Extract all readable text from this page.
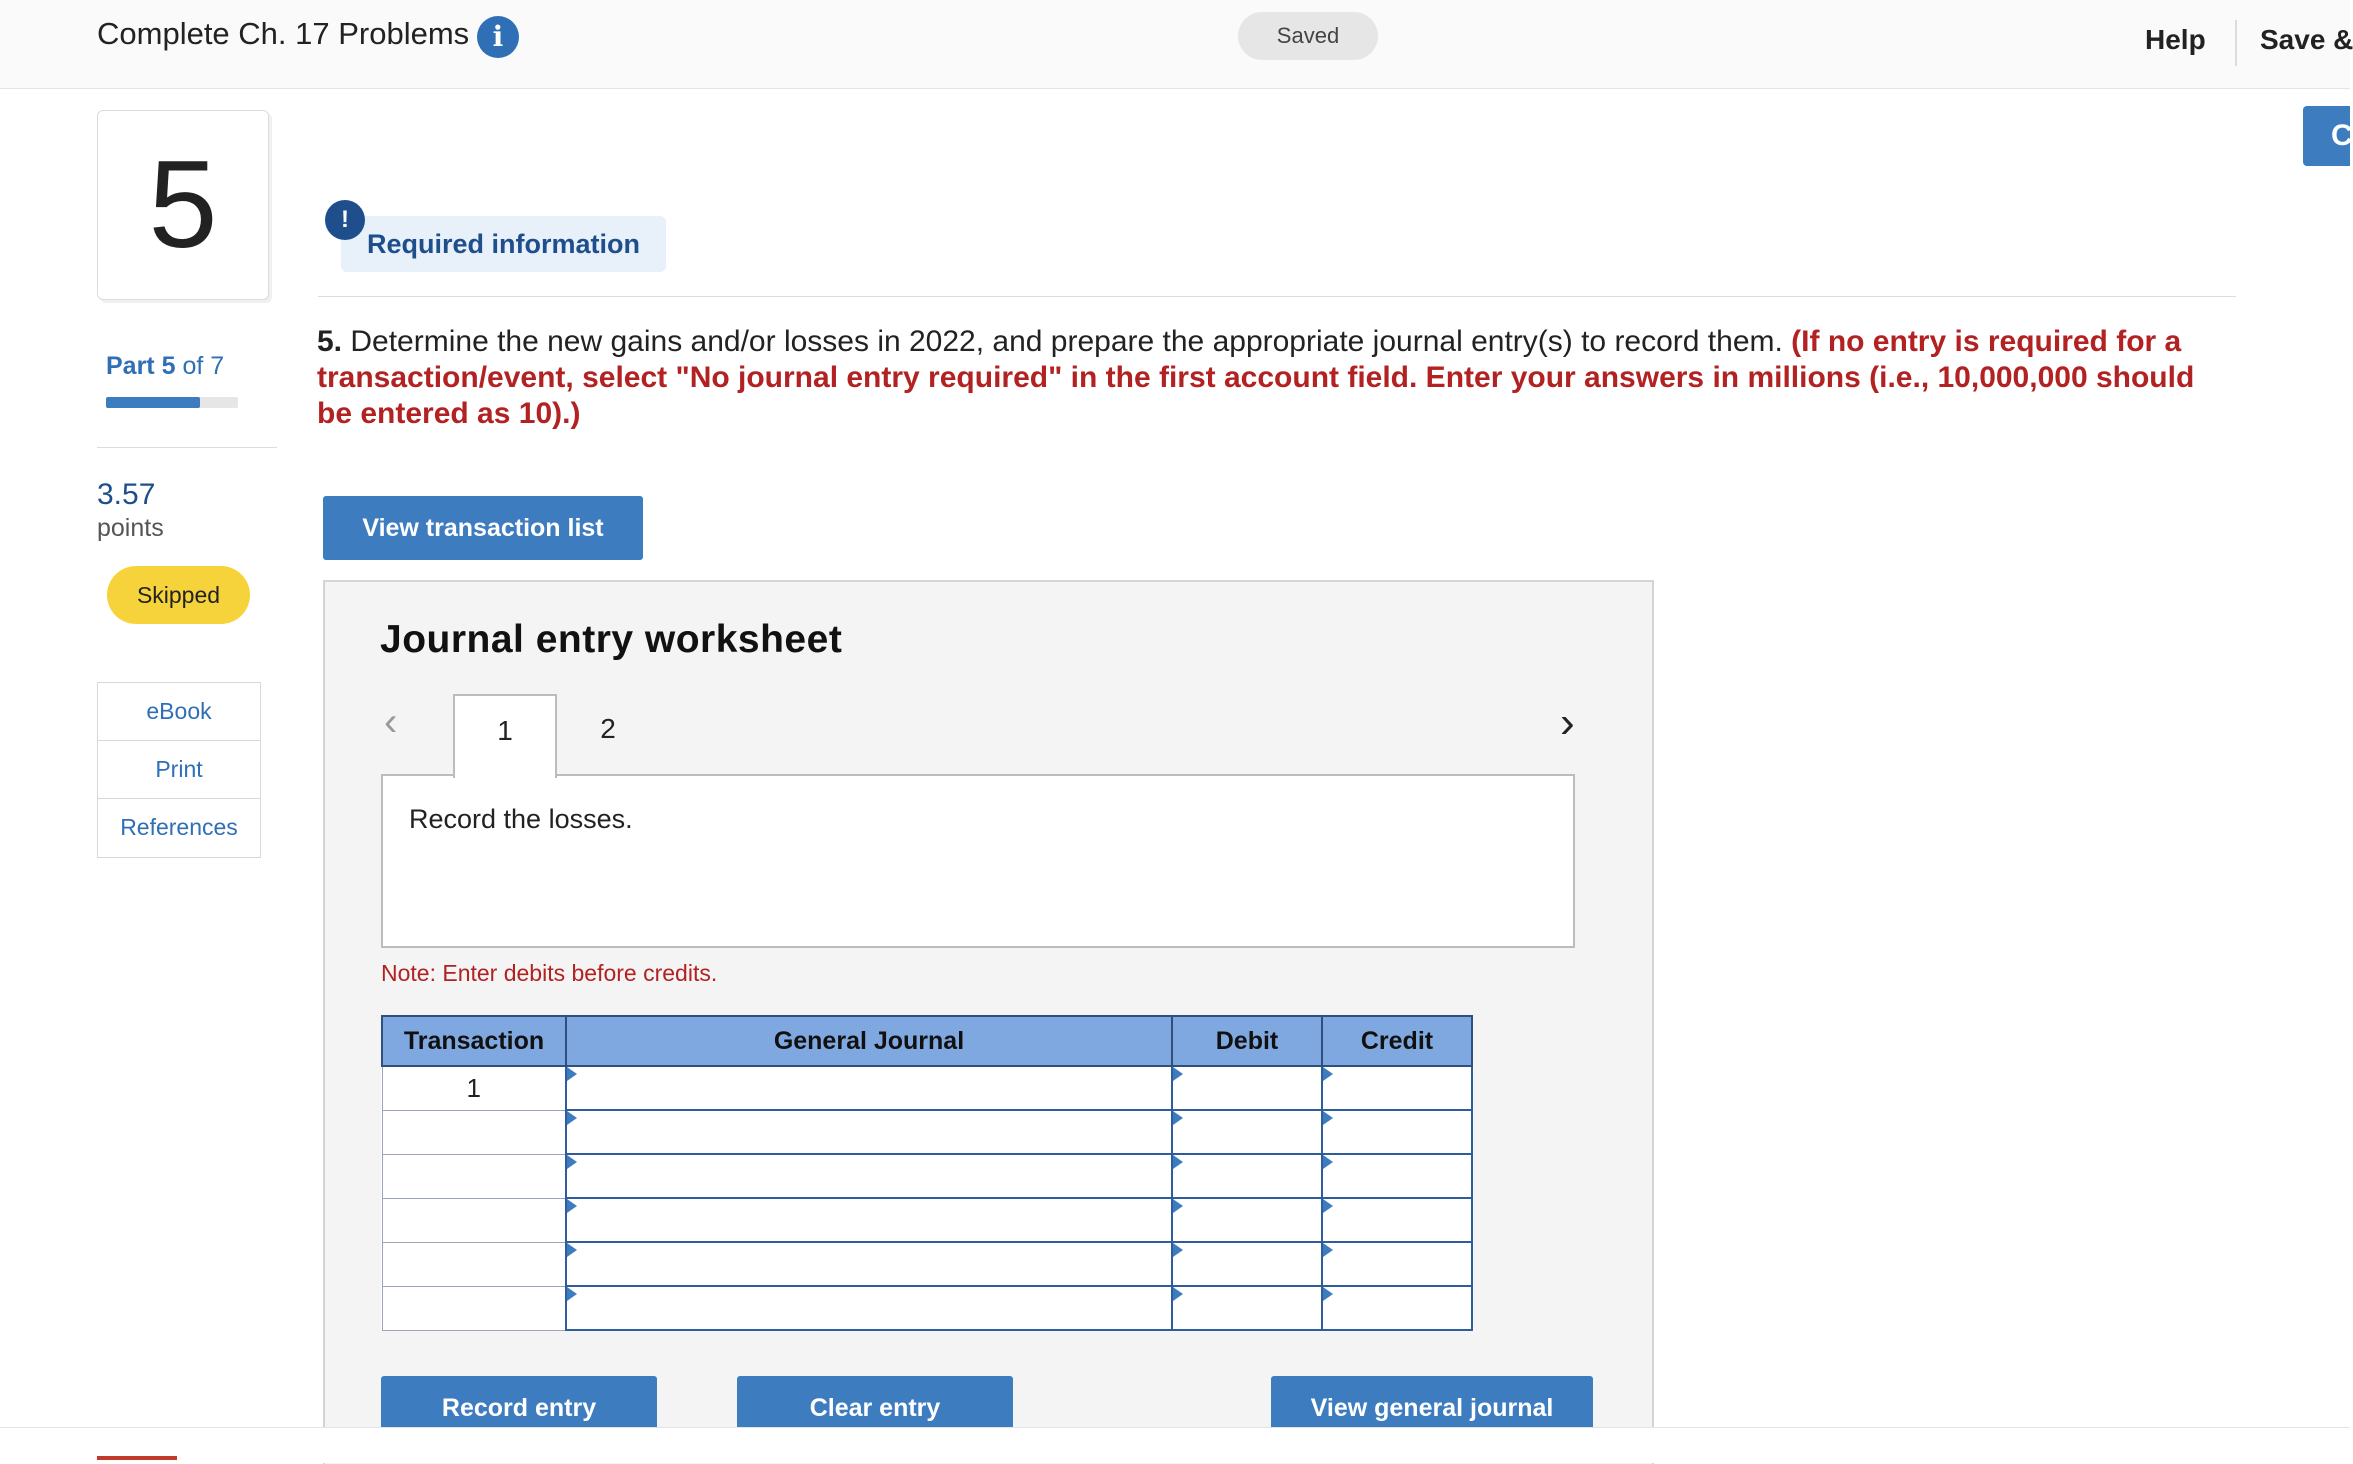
Complete Ch. 17 Problems i	Saved	Help Save &
C
5
Part 5 of 7
3.57
points
Skipped
eBook
Print
References
!
Required information
5. Determine the new gains and/or losses in 2022, and prepare the appropriate journal entry(s) to record them. (If no entry is required for a transaction/event, select "No journal entry required" in the first account field. Enter your answers in millions (i.e., 10,000,000 should be entered as 10).)
View transaction list
Journal entry worksheet
‹	1	2	›
Record the losses.
Note: Enter debits before credits.
Transaction	General Journal	Debit	Credit
1			

Record entry	Clear entry	View general journal
